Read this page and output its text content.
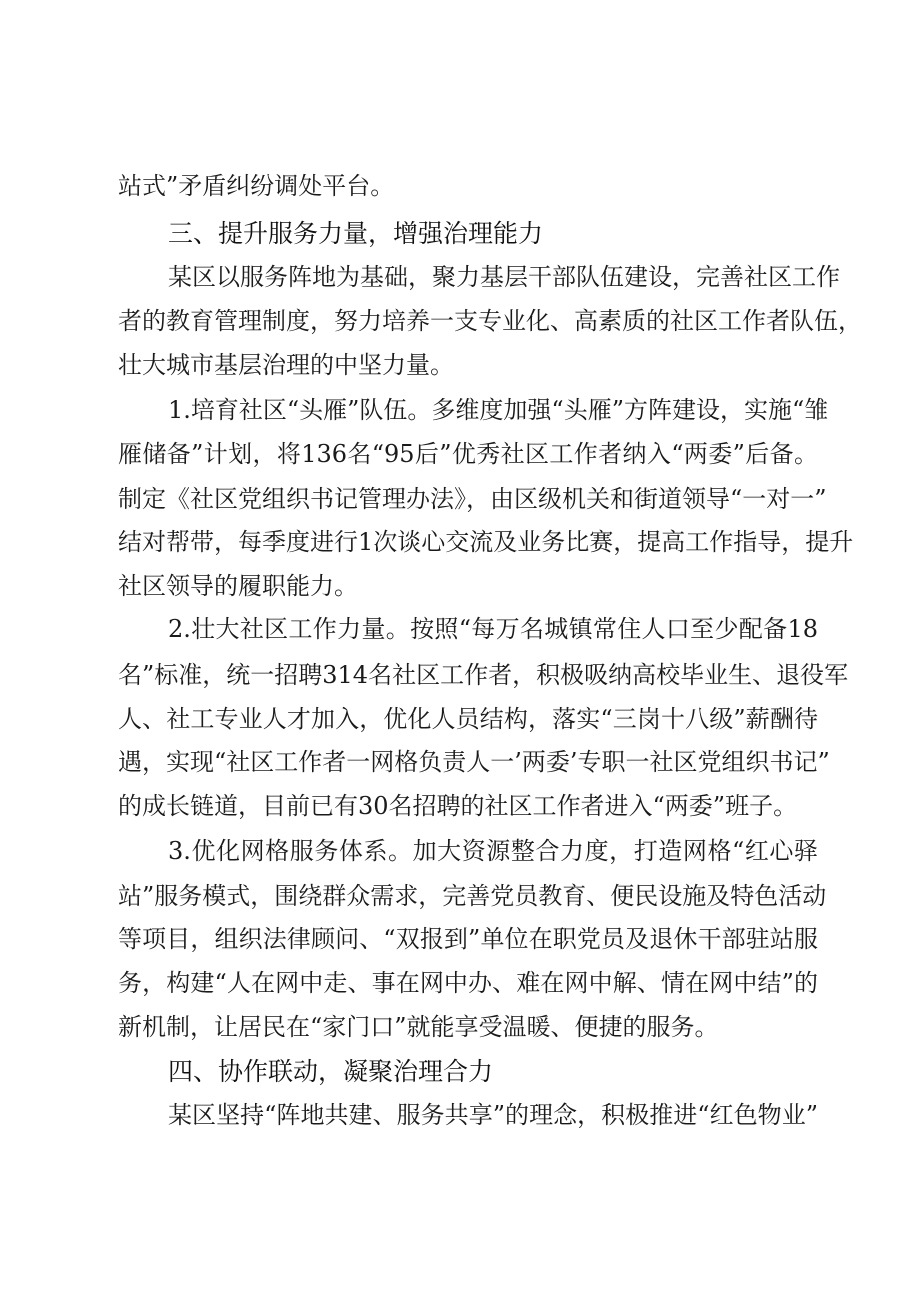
站式”矛盾纠纷调处平台。
三、提升服务力量，增强治理能力
某区以服务阵地为基础，聚力基层干部队伍建设，完善社区工作
者的教育管理制度，努力培养一支专业化、高素质的社区工作者队伍，
壮大城市基层治理的中坚力量。
1.培育社区“头雁”队伍。多维度加强“头雁”方阵建设，实施“雏
雁储备”计划，将136名“95后”优秀社区工作者纳入“两委”后备。
制定《社区党组织书记管理办法》，由区级机关和街道领导“一对一”
结对帮带，每季度进行1次谈心交流及业务比赛，提高工作指导，提升
社区领导的履职能力。
2.壮大社区工作力量。按照“每万名城镇常住人口至少配备18
名”标准，统一招聘314名社区工作者，积极吸纳高校毕业生、退役军
人、社工专业人才加入，优化人员结构，落实“三岗十八级”薪酬待
遇，实现“社区工作者一网格负责人一’两委’专职一社区党组织书记”
的成长链道，目前已有30名招聘的社区工作者进入“两委”班子。
3.优化网格服务体系。加大资源整合力度，打造网格“红心驿
站”服务模式，围绕群众需求，完善党员教育、便民设施及特色活动
等项目，组织法律顾问、“双报到”单位在职党员及退休干部驻站服
务，构建“人在网中走、事在网中办、难在网中解、情在网中结”的
新机制，让居民在“家门口”就能享受温暖、便捷的服务。
四、协作联动，凝聚治理合力
某区坚持“阵地共建、服务共享”的理念，积极推进“红色物业”
